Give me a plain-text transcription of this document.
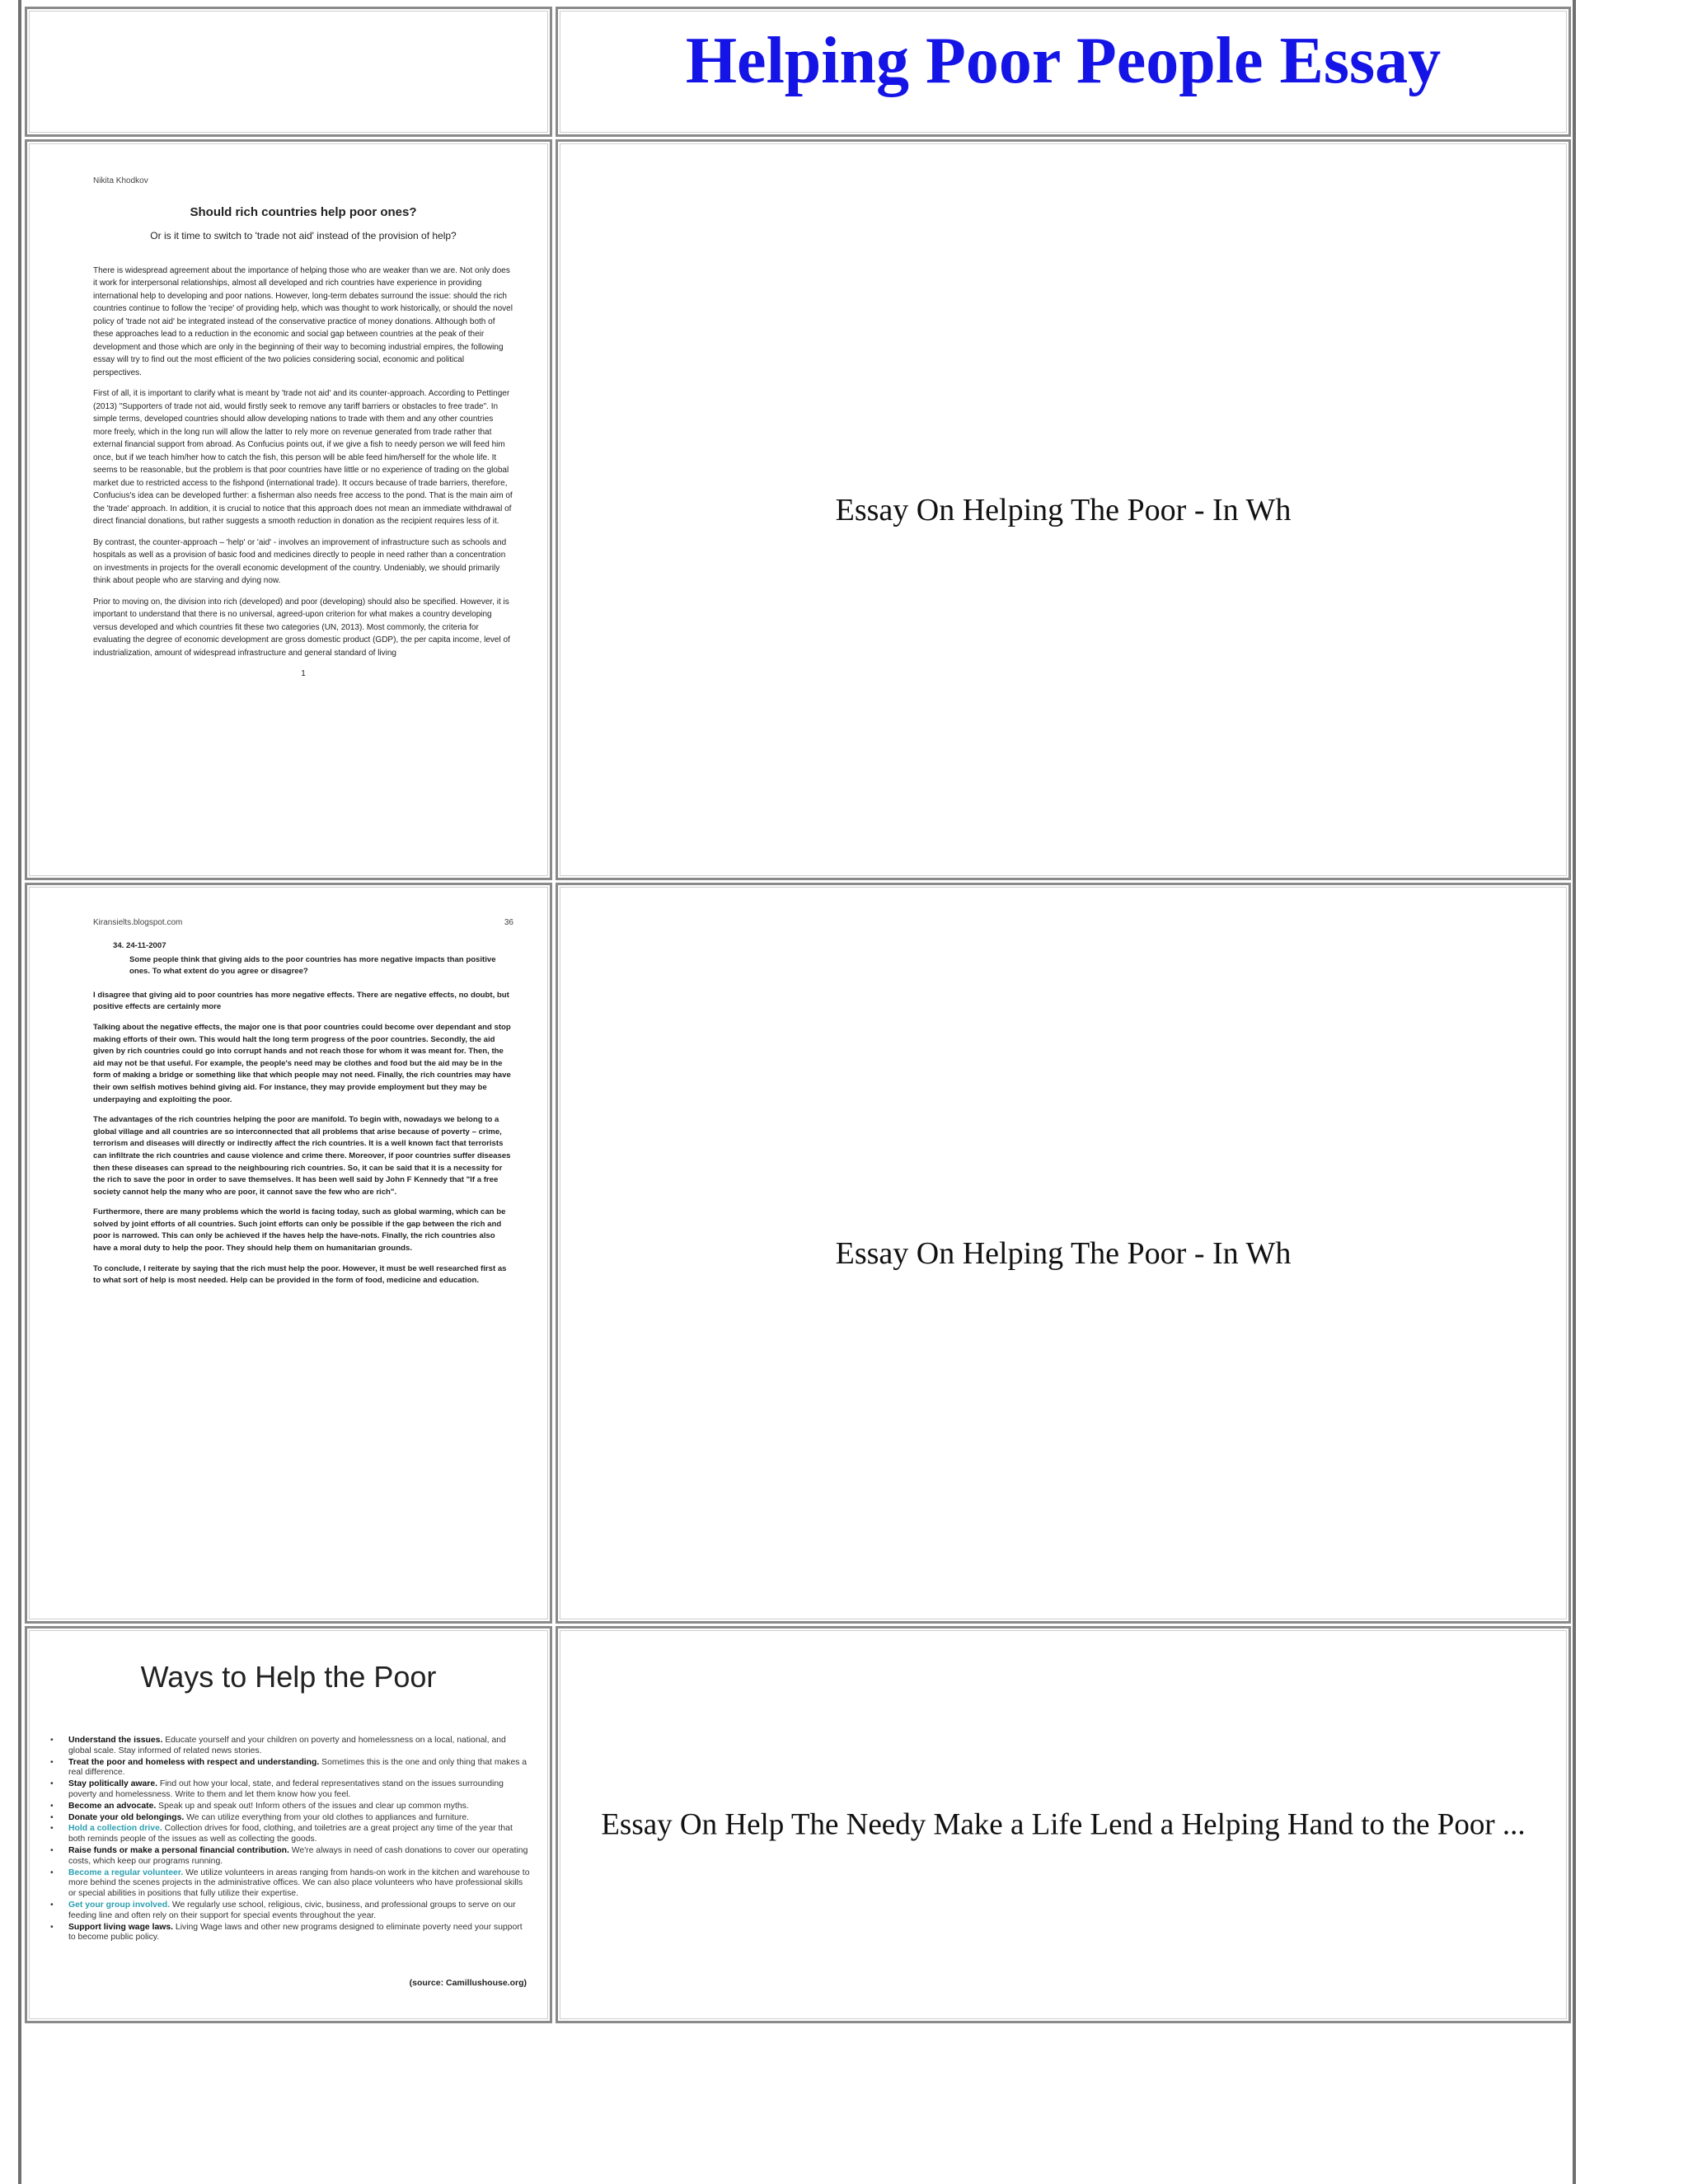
Helping Poor People Essay

Nikita Khodkov

Should rich countries help poor ones?

Or is it time to switch to 'trade not aid' instead of the provision of help?

There is widespread agreement about the importance of helping those who are weaker than we are. Not only does it work for interpersonal relationships, almost all developed and rich countries have experience in providing international help to developing and poor nations. However, long-term debates surround the issue: should the rich countries continue to follow the 'recipe' of providing help, which was thought to work historically, or should the novel policy of 'trade not aid' be integrated instead of the conservative practice of money donations. Although both of these approaches lead to a reduction in the economic and social gap between countries at the peak of their development and those which are only in the beginning of their way to becoming industrial empires, the following essay will try to find out the most efficient of the two policies considering social, economic and political perspectives.

First of all, it is important to clarify what is meant by 'trade not aid' and its counter-approach. According to Pettinger (2013) "Supporters of trade not aid, would firstly seek to remove any tariff barriers or obstacles to free trade". In simple terms, developed countries should allow developing nations to trade with them and any other countries more freely, which in the long run will allow the latter to rely more on revenue generated from trade rather that external financial support from abroad. As Confucius points out, if we give a fish to needy person we will feed him once, but if we teach him/her how to catch the fish, this person will be able feed him/herself for the whole life. It seems to be reasonable, but the problem is that poor countries have little or no experience of trading on the global market due to restricted access to the fishpond (international trade). It occurs because of trade barriers, therefore, Confucius's idea can be developed further: a fisherman also needs free access to the pond. That is the main aim of the 'trade' approach. In addition, it is crucial to notice that this approach does not mean an immediate withdrawal of direct financial donations, but rather suggests a smooth reduction in donation as the recipient requires less of it.

By contrast, the counter-approach – 'help' or 'aid' - involves an improvement of infrastructure such as schools and hospitals as well as a provision of basic food and medicines directly to people in need rather than a concentration on investments in projects for the overall economic development of the country. Undeniably, we should primarily think about people who are starving and dying now.

Prior to moving on, the division into rich (developed) and poor (developing) should also be specified. However, it is important to understand that there is no universal, agreed-upon criterion for what makes a country developing versus developed and which countries fit these two categories (UN, 2013). Most commonly, the criteria for evaluating the degree of economic development are gross domestic product (GDP), the per capita income, level of industrialization, amount of widespread infrastructure and general standard of living

1

Essay On Helping The Poor - In Wh
Kiransielts.blogspot.com	36

34. 24-11-2007

Some people think that giving aids to the poor countries has more negative impacts than positive ones. To what extent do you agree or disagree?

I disagree that giving aid to poor countries has more negative effects. There are negative effects, no doubt, but positive effects are certainly more

Talking about the negative effects, the major one is that poor countries could become over dependant and stop making efforts of their own. This would halt the long term progress of the poor countries. Secondly, the aid given by rich countries could go into corrupt hands and not reach those for whom it was meant for. Then, the aid may not be that useful. For example, the people's need may be clothes and food but the aid may be in the form of making a bridge or something like that which people may not need. Finally, the rich countries may have their own selfish motives behind giving aid. For instance, they may provide employment but they may be underpaying and exploiting the poor.

The advantages of the rich countries helping the poor are manifold. To begin with, nowadays we belong to a global village and all countries are so interconnected that all problems that arise because of poverty – crime, terrorism and diseases will directly or indirectly affect the rich countries. It is a well known fact that terrorists can infiltrate the rich countries and cause violence and crime there. Moreover, if poor countries suffer diseases then these diseases can spread to the neighbouring rich countries. So, it can be said that it is a necessity for the rich to save the poor in order to save themselves. It has been well said by John F Kennedy that "If a free society cannot help the many who are poor, it cannot save the few who are rich".

Furthermore, there are many problems which the world is facing today, such as global warming, which can be solved by joint efforts of all countries. Such joint efforts can only be possible if the gap between the rich and poor is narrowed. This can only be achieved if the haves help the have-nots. Finally, the rich countries also have a moral duty to help the poor. They should help them on humanitarian grounds.

To conclude, I reiterate by saying that the rich must help the poor. However, it must be well researched first as to what sort of help is most needed. Help can be provided in the form of food, medicine and education.

Essay On Helping The Poor - In Wh
Ways to Help the Poor
• Understand the issues. Educate yourself and your children on poverty and homelessness on a local, national, and global scale. Stay informed of related news stories.
• Treat the poor and homeless with respect and understanding. Sometimes this is the one and only thing that makes a real difference.
• Stay politically aware. Find out how your local, state, and federal representatives stand on the issues surrounding poverty and homelessness. Write to them and let them know how you feel.
• Become an advocate. Speak up and speak out! Inform others of the issues and clear up common myths.
• Donate your old belongings. We can utilize everything from your old clothes to appliances and furniture.
• Hold a collection drive. Collection drives for food, clothing, and toiletries are a great project any time of the year that both reminds people of the issues as well as collecting the goods.
• Raise funds or make a personal financial contribution. We're always in need of cash donations to cover our operating costs, which keep our programs running.
• Become a regular volunteer. We utilize volunteers in areas ranging from hands-on work in the kitchen and warehouse to more behind the scenes projects in the administrative offices. We can also place volunteers who have professional skills or special abilities in positions that fully utilize their expertise.
• Get your group involved. We regularly use school, religious, civic, business, and professional groups to serve on our feeding line and often rely on their support for special events throughout the year.
• Support living wage laws. Living Wage laws and other new programs designed to eliminate poverty need your support to become public policy.
(source: Camillushouse.org)
Essay On Help The Needy Make a Life Lend a Helping Hand to the Poor ...
